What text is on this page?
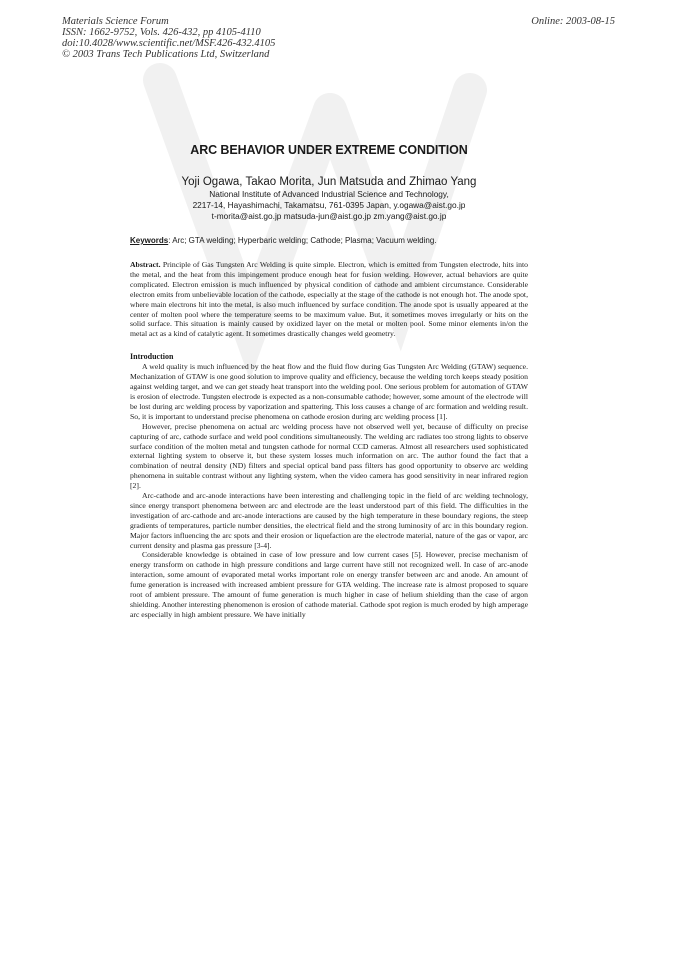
Materials Science Forum
ISSN: 1662-9752, Vols. 426-432, pp 4105-4110
doi:10.4028/www.scientific.net/MSF.426-432.4105
© 2003 Trans Tech Publications Ltd, Switzerland
Online: 2003-08-15
ARC BEHAVIOR UNDER EXTREME CONDITION
Yoji Ogawa, Takao Morita, Jun Matsuda and Zhimao Yang
National Institute of Advanced Industrial Science and Technology,
2217-14, Hayashimachi, Takamatsu, 761-0395 Japan, y.ogawa@aist.go.jp
t-morita@aist.go.jp matsuda-jun@aist.go.jp zm.yang@aist.go.jp
Keywords: Arc; GTA welding; Hyperbaric welding; Cathode; Plasma; Vacuum welding.

Abstract. Principle of Gas Tungsten Arc Welding is quite simple. Electron, which is emitted from Tungsten electrode, hits into the metal, and the heat from this impingement produce enough heat for fusion welding. However, actual behaviors are quite complicated. Electron emission is much influenced by physical condition of cathode and ambient circumstance. Considerable electron emits from unbelievable location of the cathode, especially at the stage of the cathode is not enough hot. The anode spot, where main electrons hit into the metal, is also much influenced by surface condition. The anode spot is usually appeared at the center of molten pool where the temperature seems to be maximum value. But, it sometimes moves irregularly or hits on the solid surface. This situation is mainly caused by oxidized layer on the metal or molten pool. Some minor elements in/on the metal act as a kind of catalytic agent. It sometimes drastically changes weld geometry.

Introduction

A weld quality is much influenced by the heat flow and the fluid flow during Gas Tungsten Arc Welding (GTAW) sequence. Mechanization of GTAW is one good solution to improve quality and efficiency, because the welding torch keeps steady position against welding target, and we can get steady heat transport into the welding pool. One serious problem for automation of GTAW is erosion of electrode. Tungsten electrode is expected as a non-consumable cathode; however, some amount of the electrode will be lost during arc welding process by vaporization and spattering. This loss causes a change of arc formation and welding result. So, it is important to understand precise phenomena on cathode erosion during arc welding process [1].

However, precise phenomena on actual arc welding process have not observed well yet, because of difficulty on precise capturing of arc, cathode surface and weld pool conditions simultaneously. The welding arc radiates too strong lights to observe surface condition of the molten metal and tungsten cathode for normal CCD cameras. Almost all researchers used sophisticated external lighting system to observe it, but these system losses much information on arc. The author found the fact that a combination of neutral density (ND) filters and special optical band pass filters has good opportunity to observe arc welding phenomena in suitable contrast without any lighting system, when the video camera has good sensitivity in near infrared region [2].

Arc-cathode and arc-anode interactions have been interesting and challenging topic in the field of arc welding technology, since energy transport phenomena between arc and electrode are the least understood part of this field. The difficulties in the investigation of arc-cathode and arc-anode interactions are caused by the high temperature in these boundary regions, the steep gradients of temperatures, particle number densities, the electrical field and the strong luminosity of arc in this boundary region. Major factors influencing the arc spots and their erosion or liquefaction are the electrode material, nature of the gas or vapor, arc current density and plasma gas pressure [3-4].

Considerable knowledge is obtained in case of low pressure and low current cases [5]. However, precise mechanism of energy transform on cathode in high pressure conditions and large current have still not recognized well. In case of arc-anode interaction, some amount of evaporated metal works important role on energy transfer between arc and anode. An amount of fume generation is increased with increased ambient pressure for GTA welding. The increase rate is almost proposed to square root of ambient pressure. The amount of fume generation is much higher in case of helium shielding than the case of argon shielding. Another interesting phenomenon is erosion of cathode material. Cathode spot region is much eroded by high amperage arc especially in high ambient pressure. We have initially
